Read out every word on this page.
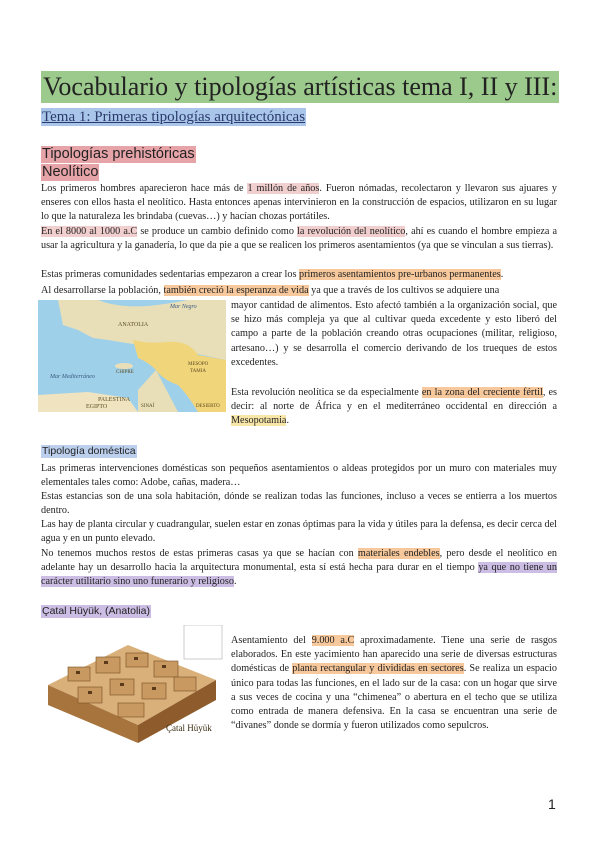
Vocabulario y tipologías artísticas tema I, II y III:
Tema 1: Primeras tipologías arquitectónicas
Tipologías prehistóricas
Neolítico

Los primeros hombres aparecieron hace más de 1 millón de años. Fueron nómadas, recolectaron y llevaron sus ajuares y enseres con ellos hasta el neolítico. Hasta entonces apenas intervinieron en la construcción de espacios, utilizaron en su lugar lo que la naturaleza les brindaba (cuevas…) y hacían chozas portátiles.

En el 8000 al 1000 a.C se produce un cambio definido como la revolución del neolítico, ahí es cuando el hombre empieza a usar la agricultura y la ganadería, lo que da pie a que se realicen los primeros asentamientos (ya que se vinculan a sus tierras).

Estas primeras comunidades sedentarias empezaron a crear los primeros asentamientos pre-urbanos permanentes.

Al desarrollarse la población, también creció la esperanza de vida ya que a través de los cultivos se adquiere una

Mar Negro
ANATOLIA
Mar Mediterráneo
CHIPRE
PALESTINA
EGIPTO	SINAÍ	DESIERTO
MESOPO
TAMIA

mayor cantidad de alimentos. Esto afectó también a la organización social, que se hizo más compleja ya que al cultivar queda excedente y esto liberó del campo a parte de la población creando otras ocupaciones (militar, religioso, artesano…) y se desarrolla el comercio derivando de los trueques de estos excedentes.

Esta revolución neolítica se da especialmente en la zona del creciente fértil, es decir: al norte de África y en el mediterráneo occidental en dirección a Mesopotamia.

Tipología doméstica

Las primeras intervenciones domésticas son pequeños asentamientos o aldeas protegidos por un muro con materiales muy elementales tales como: Adobe, cañas, madera…

Estas estancias son de una sola habitación, dónde se realizan todas las funciones, incluso a veces se entierra a los muertos dentro.

Las hay de planta circular y cuadrangular, suelen estar en zonas óptimas para la vida y útiles para la defensa, es decir cerca del agua y en un punto elevado.

No tenemos muchos restos de estas primeras casas ya que se hacían con materiales endebles, pero desde el neolítico en adelante hay un desarrollo hacia la arquitectura monumental, esta sí está hecha para durar en el tiempo ya que no tiene un carácter utilitario sino uno funerario y religioso.

Çatal Hüyük, (Anatolia)
Çatal Hüyük

Asentamiento del 9.000 a.C aproximadamente. Tiene una serie de rasgos elaborados. En este yacimiento han aparecido una serie de diversas estructuras domésticas de planta rectangular y divididas en sectores. Se realiza un espacio único para todas las funciones, en el lado sur de la casa: con un hogar que sirve a sus veces de cocina y una “chimenea” o abertura en el techo que se utiliza como entrada de manera defensiva. En la casa se encuentran una serie de “divanes” donde se dormía y fueron utilizados como sepulcros.

1
